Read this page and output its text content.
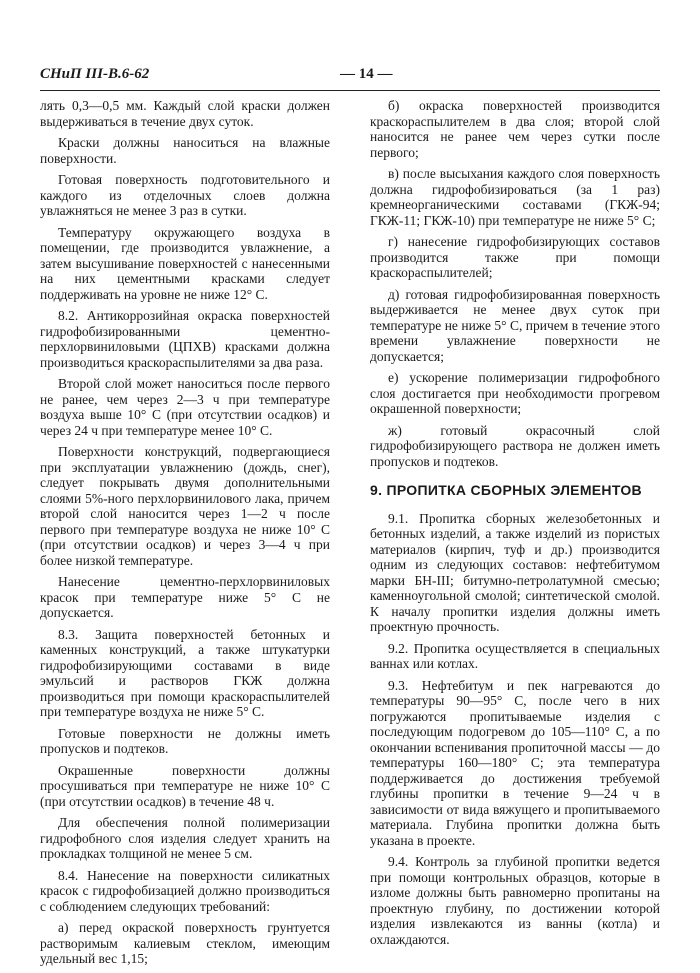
СНиП III-В.6-62	— 14 —

лять 0,3—0,5 мм. Каждый слой краски должен выдерживаться в течение двух суток.

Краски должны наноситься на влажные поверхности.

Готовая поверхность подготовительного и каждого из отделочных слоев должна увлажняться не менее 3 раз в сутки.

Температуру окружающего воздуха в помещении, где производится увлажнение, а затем высушивание поверхностей с нанесенными на них цементными красками следует поддерживать на уровне не ниже 12° С.

8.2. Антикоррозийная окраска поверхностей гидрофобизированными цементно-перхлорвиниловыми (ЦПХВ) красками должна производиться краскораспылителями за два раза.

Второй слой может наноситься после первого не ранее, чем через 2—3 ч при температуре воздуха выше 10° С (при отсутствии осадков) и через 24 ч при температуре менее 10° С.

Поверхности конструкций, подвергающиеся при эксплуатации увлажнению (дождь, снег), следует покрывать двумя дополнительными слоями 5%-ного перхлорвинилового лака, причем второй слой наносится через 1—2 ч после первого при температуре воздуха не ниже 10° С (при отсутствии осадков) и через 3—4 ч при более низкой температуре.

Нанесение цементно-перхлорвиниловых красок при температуре ниже 5° С не допускается.

8.3. Защита поверхностей бетонных и каменных конструкций, а также штукатурки гидрофобизирующими составами в виде эмульсий и растворов ГКЖ должна производиться при помощи краскораспылителей при температуре воздуха не ниже 5° С.

Готовые поверхности не должны иметь пропусков и подтеков.

Окрашенные поверхности должны просушиваться при температуре не ниже 10° С (при отсутствии осадков) в течение 48 ч.

Для обеспечения полной полимеризации гидрофобного слоя изделия следует хранить на прокладках толщиной не менее 5 см.

8.4. Нанесение на поверхности силикатных красок с гидрофобизацией должно производиться с соблюдением следующих требований:

а) перед окраской поверхность грунтуется растворимым калиевым стеклом, имеющим удельный вес 1,15;

б) окраска поверхностей производится краскораспылителем в два слоя; второй слой наносится не ранее чем через сутки после первого;

в) после высыхания каждого слоя поверхность должна гидрофобизироваться (за 1 раз) кремнеорганическими составами (ГКЖ-94; ГКЖ-11; ГКЖ-10) при температуре не ниже 5° С;

г) нанесение гидрофобизирующих составов производится также при помощи краскораспылителей;

д) готовая гидрофобизированная поверхность выдерживается не менее двух суток при температуре не ниже 5° С, причем в течение этого времени увлажнение поверхности не допускается;

е) ускорение полимеризации гидрофобного слоя достигается при необходимости прогревом окрашенной поверхности;

ж) готовый окрасочный слой гидрофобизирующего раствора не должен иметь пропусков и подтеков.

9. ПРОПИТКА СБОРНЫХ ЭЛЕМЕНТОВ

9.1. Пропитка сборных железобетонных и бетонных изделий, а также изделий из пористых материалов (кирпич, туф и др.) производится одним из следующих составов: нефтебитумом марки БН-III; битумно-петролатумной смесью; каменноугольной смолой; синтетической смолой. К началу пропитки изделия должны иметь проектную прочность.

9.2. Пропитка осуществляется в специальных ваннах или котлах.

9.3. Нефтебитум и пек нагреваются до температуры 90—95° С, после чего в них погружаются пропитываемые изделия с последующим подогревом до 105—110° С, а по окончании вспенивания пропиточной массы — до температуры 160—180° С; эта температура поддерживается до достижения требуемой глубины пропитки в течение 9—24 ч в зависимости от вида вяжущего и пропитываемого материала. Глубина пропитки должна быть указана в проекте.

9.4. Контроль за глубиной пропитки ведется при помощи контрольных образцов, которые в изломе должны быть равномерно пропитаны на проектную глубину, по достижении которой изделия извлекаются из ванны (котла) и охлаждаются.
